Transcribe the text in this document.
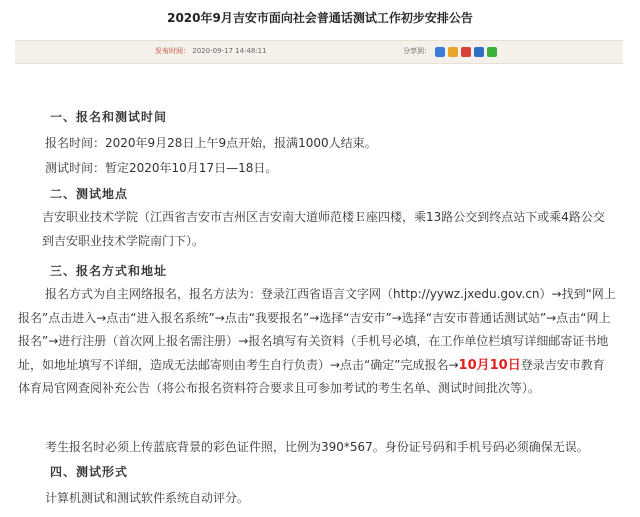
2020年9月吉安市面向社会普通话测试工作初步安排公告
发布时间： 2020-09-17 14:48:11	分享到：
一、报名和测试时间
报名时间：2020年9月28日上午9点开始，报满1000人结束。
测试时间：暂定2020年10月17日—18日。
二、测试地点
吉安职业技术学院（江西省吉安市吉州区吉安南大道师范楼Ｅ座四楼，乘13路公交到终点站下或乘4路公交到吉安职业技术学院南门下）。
三、报名方式和地址
报名方式为自主网络报名，报名方法为：登录江西省语言文字网（http://yywz.jxedu.gov.cn）→找到“网上报名”点击进入→点击“进入报名系统”→点击“我要报名”→选择“吉安市”→选择“吉安市普通话测试站”→点击“网上报名”→进行注册（首次网上报名需注册）→报名填写有关资料（手机号必填，在工作单位栏填写详细邮寄证书地址，如地址填写不详细，造成无法邮寄则由考生自行负责）→点击“确定”完成报名→10月10日登录吉安市教育体育局官网查阅补充公告（将公布报名资料符合要求且可参加考试的考生名单、测试时间批次等）。
考生报名时必须上传蓝底背景的彩色证件照，比例为390*567。身份证号码和手机号码必须确保无误。
四、测试形式
计算机测试和测试软件系统自动评分。
